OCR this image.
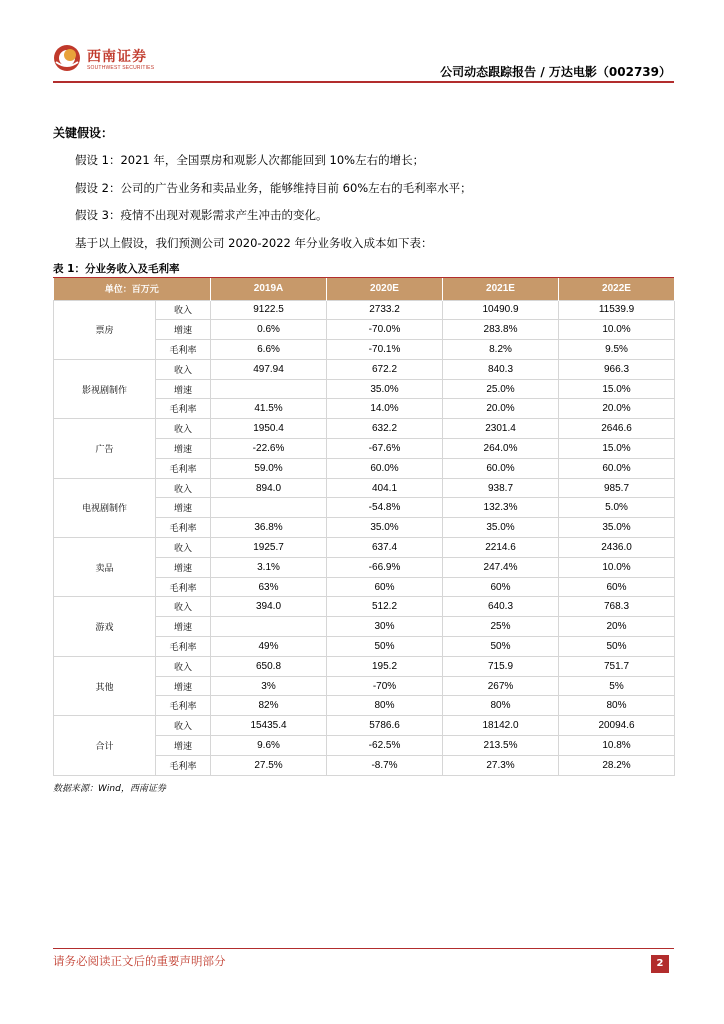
西南证券
SOUTHWEST SECURITIES	公司动态跟踪报告 / 万达电影（002739）
关键假设：
假设 1：2021 年，全国票房和观影人次都能回到 10%左右的增长；
假设 2：公司的广告业务和卖品业务，能够维持目前 60%左右的毛利率水平；
假设 3：疫情不出现对观影需求产生冲击的变化。
基于以上假设，我们预测公司 2020-2022 年分业务收入成本如下表：
表 1：分业务收入及毛利率
单位：百万元		2019A	2020E	2021E	2022E
票房	收入	9122.5	2733.2	10490.9	11539.9
	增速	0.6%	-70.0%	283.8%	10.0%
	毛利率	6.6%	-70.1%	8.2%	9.5%
影视剧制作	收入	497.94	672.2	840.3	966.3
	增速		35.0%	25.0%	15.0%
	毛利率	41.5%	14.0%	20.0%	20.0%
广告	收入	1950.4	632.2	2301.4	2646.6
	增速	-22.6%	-67.6%	264.0%	15.0%
	毛利率	59.0%	60.0%	60.0%	60.0%
电视剧制作	收入	894.0	404.1	938.7	985.7
	增速		-54.8%	132.3%	5.0%
	毛利率	36.8%	35.0%	35.0%	35.0%
卖品	收入	1925.7	637.4	2214.6	2436.0
	增速	3.1%	-66.9%	247.4%	10.0%
	毛利率	63%	60%	60%	60%
游戏	收入	394.0	512.2	640.3	768.3
	增速		30%	25%	20%
	毛利率	49%	50%	50%	50%
其他	收入	650.8	195.2	715.9	751.7
	增速	3%	-70%	267%	5%
	毛利率	82%	80%	80%	80%
合计	收入	15435.4	5786.6	18142.0	20094.6
	增速	9.6%	-62.5%	213.5%	10.8%
	毛利率	27.5%	-8.7%	27.3%	28.2%
数据来源：Wind，西南证券
请务必阅读正文后的重要声明部分	2
